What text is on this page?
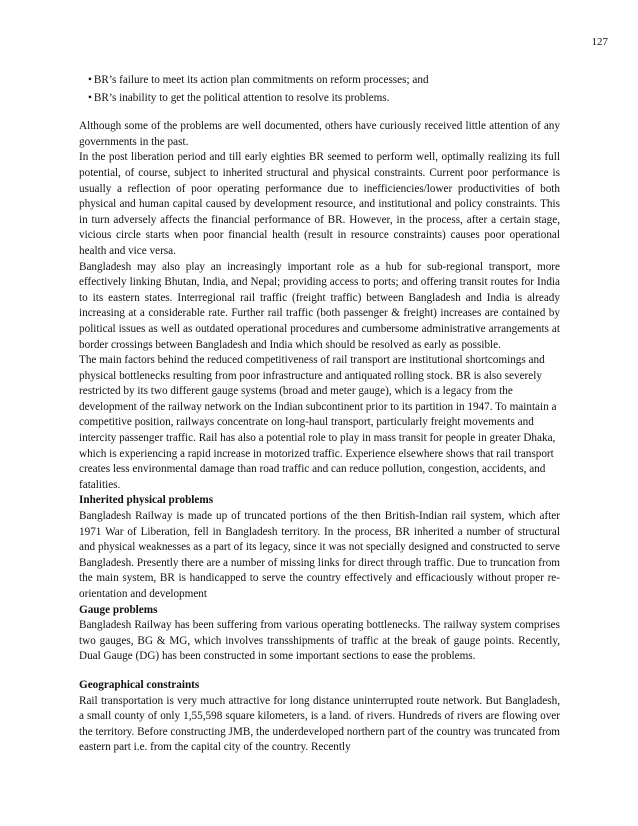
127
• BR’s failure to meet its action plan commitments on reform processes; and
• BR’s inability to get the political attention to resolve its problems.

Although some of the problems are well documented, others have curiously received little attention of any governments in the past.

In the post liberation period and till early eighties BR seemed to perform well, optimally realizing its full potential, of course, subject to inherited structural and physical constraints. Current poor performance is usually a reflection of poor operating performance due to inefficiencies/lower productivities of both physical and human capital caused by development resource, and institutional and policy constraints. This in turn adversely affects the financial performance of BR. However, in the process, after a certain stage, vicious circle starts when poor financial health (result in resource constraints) causes poor operational health and vice versa.

Bangladesh may also play an increasingly important role as a hub for sub-regional transport, more effectively linking Bhutan, India, and Nepal; providing access to ports; and offering transit routes for India to its eastern states. Interregional rail traffic (freight traffic) between Bangladesh and India is already increasing at a considerable rate. Further rail traffic (both passenger & freight) increases are contained by political issues as well as outdated operational procedures and cumbersome administrative arrangements at border crossings between Bangladesh and India which should be resolved as early as possible.

The main factors behind the reduced competitiveness of rail transport are institutional shortcomings and physical bottlenecks resulting from poor infrastructure and antiquated rolling stock. BR is also severely restricted by its two different gauge systems (broad and meter gauge), which is a legacy from the development of the railway network on the Indian subcontinent prior to its partition in 1947. To maintain a competitive position, railways concentrate on long-haul transport, particularly freight movements and intercity passenger traffic. Rail has also a potential role to play in mass transit for people in greater Dhaka, which is experiencing a rapid increase in motorized traffic. Experience elsewhere shows that rail transport creates less environmental damage than road traffic and can reduce pollution, congestion, accidents, and fatalities.

Inherited physical problems

Bangladesh Railway is made up of truncated portions of the then British-Indian rail system, which after 1971 War of Liberation, fell in Bangladesh territory. In the process, BR inherited a number of structural and physical weaknesses as a part of its legacy, since it was not specially designed and constructed to serve Bangladesh. Presently there are a number of missing links for direct through traffic. Due to truncation from the main system, BR is handicapped to serve the country effectively and efficaciously without proper re-orientation and development

Gauge problems

Bangladesh Railway has been suffering from various operating bottlenecks. The railway system comprises two gauges, BG & MG, which involves transshipments of traffic at the break of gauge points. Recently, Dual Gauge (DG) has been constructed in some important sections to ease the problems.

Geographical constraints

Rail transportation is very much attractive for long distance uninterrupted route network. But Bangladesh, a small county of only 1,55,598 square kilometers, is a land. of rivers. Hundreds of rivers are flowing over the territory. Before constructing JMB, the underdeveloped northern part of the country was truncated from eastern part i.e. from the capital city of the country. Recently
